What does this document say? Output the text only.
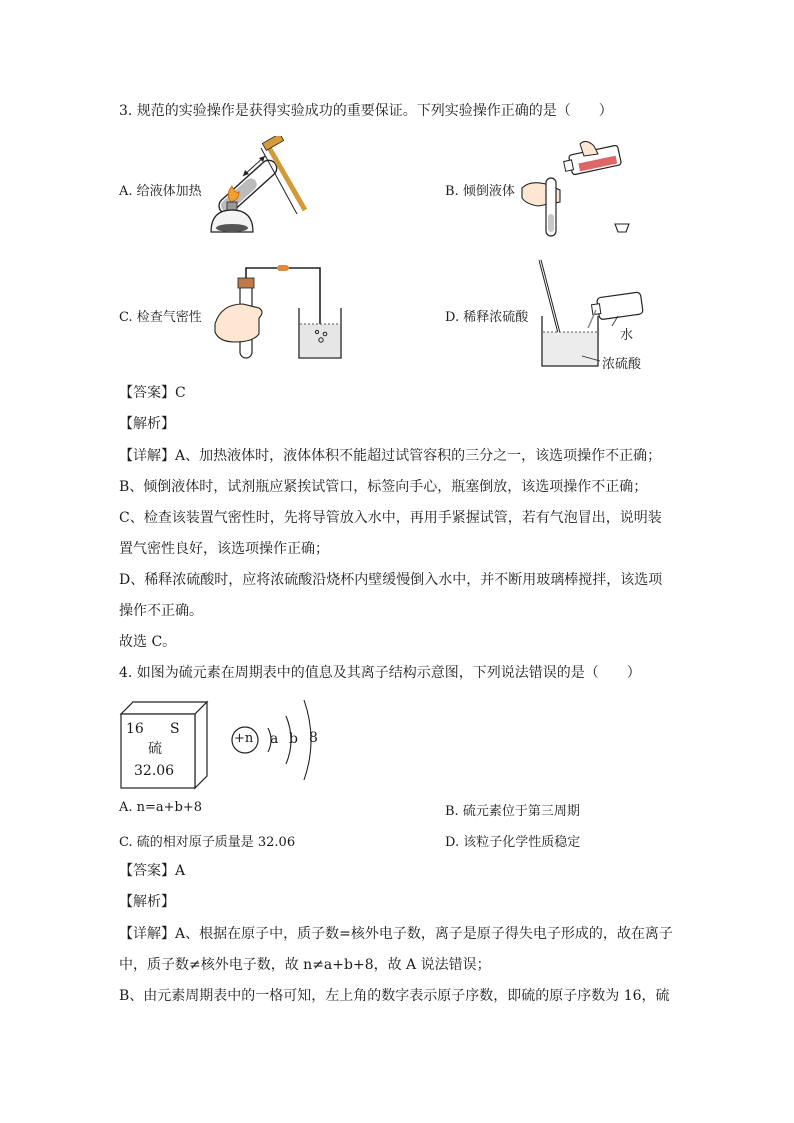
3. 规范的实验操作是获得实验成功的重要保证。下列实验操作正确的是（　　）
A. 给液体加热	B. 倾倒液体
C. 检查气密性	D. 稀释浓硫酸
水
浓硫酸
【答案】C
【解析】
【详解】A、加热液体时，液体体积不能超过试管容积的三分之一，该选项操作不正确；
B、倾倒液体时，试剂瓶应紧挨试管口，标签向手心，瓶塞倒放，该选项操作不正确；
C、检查该装置气密性时，先将导管放入水中，再用手紧握试管，若有气泡冒出，说明装
置气密性良好，该选项操作正确；
D、稀释浓硫酸时，应将浓硫酸沿烧杯内壁缓慢倒入水中，并不断用玻璃棒搅拌，该选项
操作不正确。
故选 C。
4. 如图为硫元素在周期表中的值息及其离子结构示意图，下列说法错误的是（　　）
16 S
硫
32.06
+n a b 8
A. n=a+b+8	B. 硫元素位于第三周期
C. 硫的相对原子质量是 32.06	D. 该粒子化学性质稳定
【答案】A
【解析】
【详解】A、根据在原子中，质子数=核外电子数，离子是原子得失电子形成的，故在离子
中，质子数≠核外电子数，故 n≠a+b+8，故 A 说法错误；
B、由元素周期表中的一格可知，左上角的数字表示原子序数，即硫的原子序数为 16，硫
